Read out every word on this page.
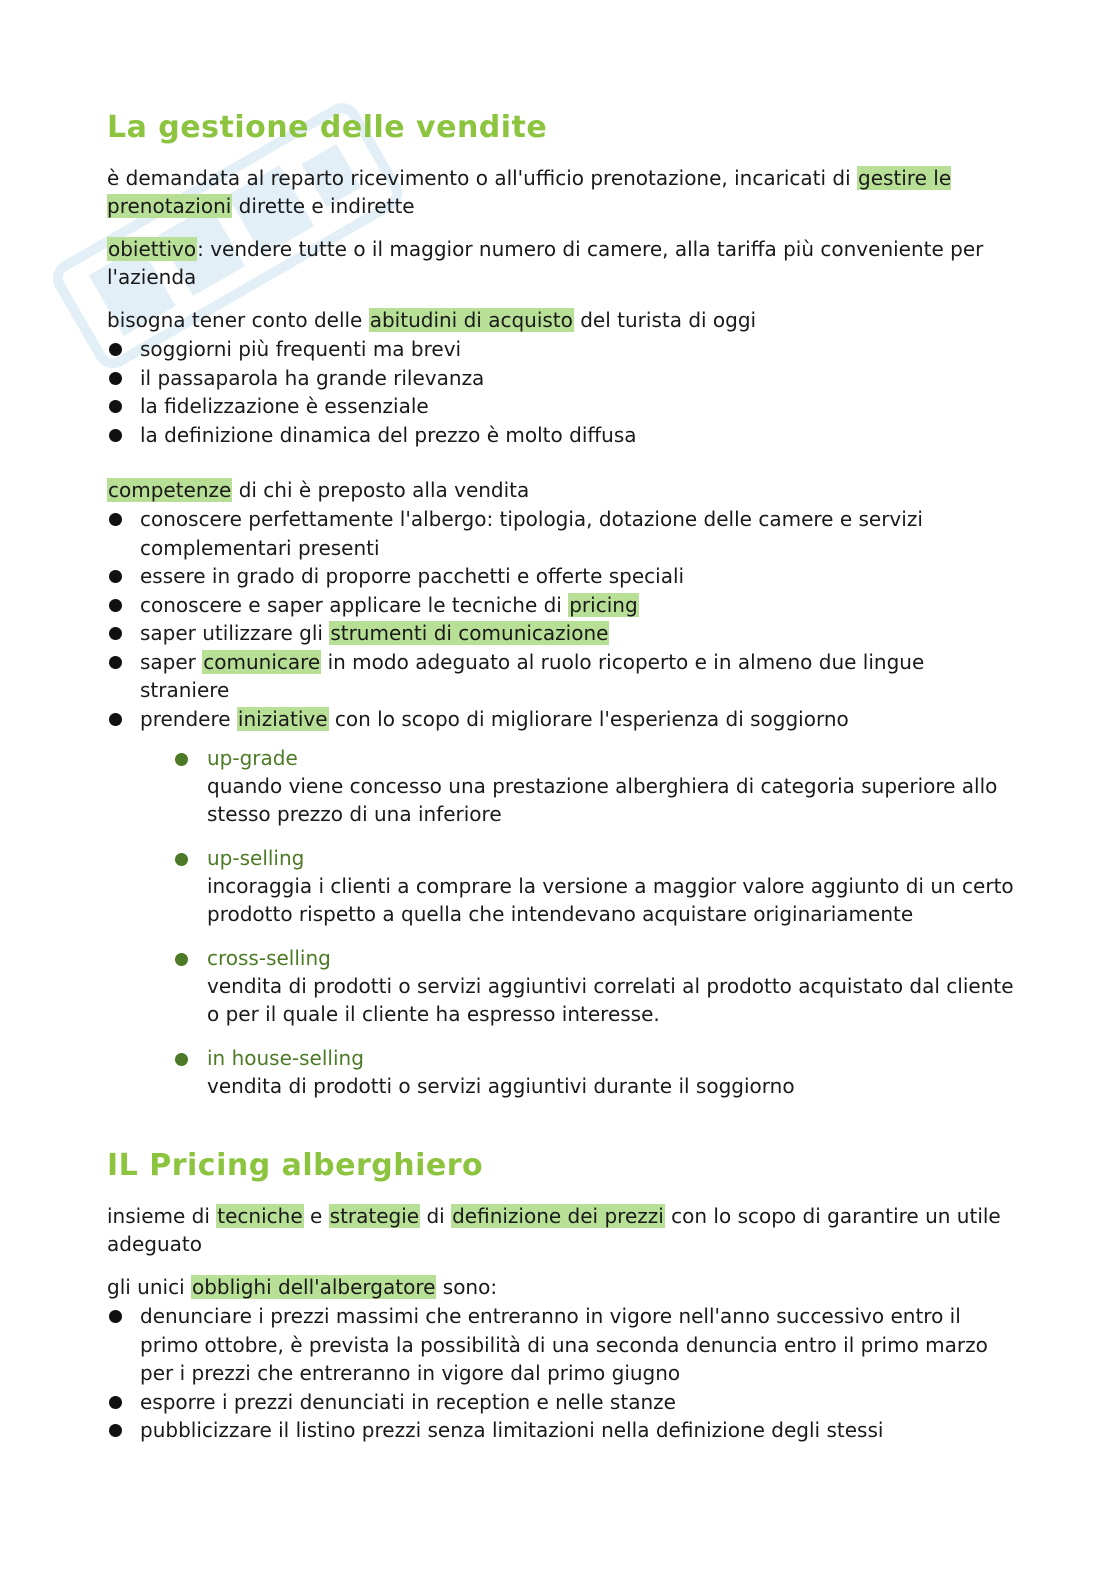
La gestione delle vendite

è demandata al reparto ricevimento o all'ufficio prenotazione, incaricati di gestire le prenotazioni dirette e indirette

obiettivo: vendere tutte o il maggior numero di camere, alla tariffa più conveniente per l'azienda

bisogna tener conto delle abitudini di acquisto del turista di oggi

soggiorni più frequenti ma brevi
il passaparola ha grande rilevanza
la fidelizzazione è essenziale
la definizione dinamica del prezzo è molto diffusa

competenze di chi è preposto alla vendita

conoscere perfettamente l'albergo: tipologia, dotazione delle camere e servizi complementari presenti
essere in grado di proporre pacchetti e offerte speciali
conoscere e saper applicare le tecniche di pricing
saper utilizzare gli strumenti di comunicazione
saper comunicare in modo adeguato al ruolo ricoperto e in almeno due lingue straniere
prendere iniziative con lo scopo di migliorare l'esperienza di soggiorno
up-grade
quando viene concesso una prestazione alberghiera di categoria superiore allo stesso prezzo di una inferiore
up-selling
incoraggia i clienti a comprare la versione a maggior valore aggiunto di un certo prodotto rispetto a quella che intendevano acquistare originariamente
cross-selling
vendita di prodotti o servizi aggiuntivi correlati al prodotto acquistato dal cliente o per il quale il cliente ha espresso interesse.
in house-selling
vendita di prodotti o servizi aggiuntivi durante il soggiorno
IL Pricing alberghiero

insieme di tecniche e strategie di definizione dei prezzi con lo scopo di garantire un utile adeguato

gli unici obblighi dell'albergatore sono:

denunciare i prezzi massimi che entreranno in vigore nell'anno successivo entro il primo ottobre, è prevista la possibilità di una seconda denuncia entro il primo marzo per i prezzi che entreranno in vigore dal primo giugno
esporre i prezzi denunciati in reception e nelle stanze
pubblicizzare il listino prezzi senza limitazioni nella definizione degli stessi
